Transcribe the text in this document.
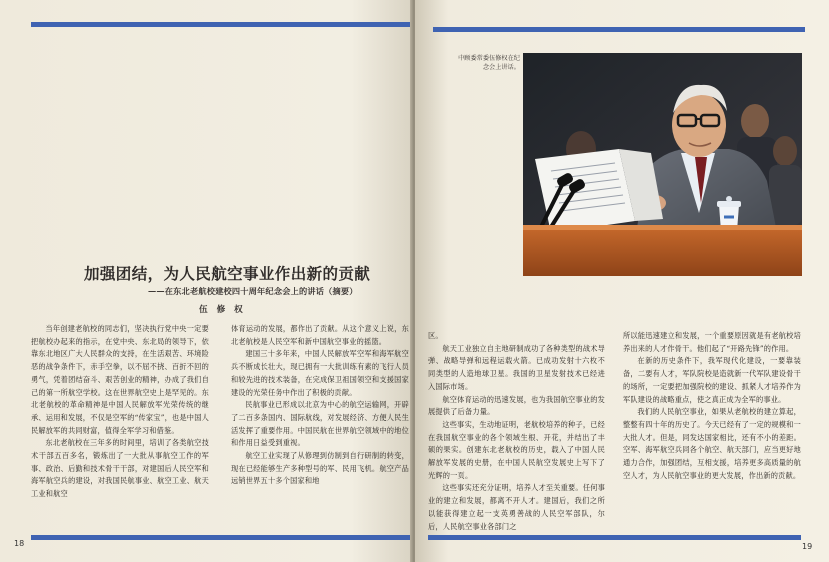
加强团结，为人民航空事业作出新的贡献
——在东北老航校建校四十周年纪念会上的讲话（摘要）
伍 修 权

当年创建老航校的同志们，坚决执行党中央一定要把航校办起来的指示，在党中央、东北局的领导下，依靠东北地区广大人民群众的支持，在生活艰苦、环境险恶的战争条件下，赤手空拳，以不屈不挠、百折不回的勇气，凭着团结奋斗、艰苦创业的精神，办成了我们自己的第一所航空学校。这在世界航空史上是罕见的。东北老航校的革命精神是中国人民解放军光荣传统的继承、运用和发展，不仅是空军的“传家宝”，也是中国人民解放军的共同财富，值得全军学习和借鉴。

东北老航校在三年多的时间里，培训了各类航空技术干部五百多名，锻炼出了一大批从事航空工作的军事、政治、后勤和技术骨干干部，对建国后人民空军和海军航空兵的建设，对我国民航事业、航空工业、航天工业和航空

体育运动的发展，都作出了贡献。从这个意义上说，东北老航校是人民空军和新中国航空事业的摇篮。

建国三十多年来，中国人民解放军空军和海军航空兵不断成长壮大，现已拥有一大批训练有素的飞行人员和较先进的技术装备，在完成保卫祖国领空和支援国家建设的光荣任务中作出了积极的贡献。

民航事业已形成以北京为中心的航空运输网，开辟了二百多条国内、国际航线，对发展经济、方便人民生活发挥了重要作用。中国民航在世界航空领域中的地位和作用日益受到重视。

航空工业实现了从修理到仿制到自行研制的转变，现在已经能够生产多种型号的军、民用飞机。航空产品远销世界五十多个国家和地

18
中顾委常委伍修权在纪念会上讲话。

区。

航天工业独立自主地研制成功了各种类型的战术导弹、战略导弹和远程运载火箭。已成功发射十六枚不同类型的人造地球卫星。我国的卫星发射技术已经进入国际市场。

航空体育运动的迅速发展，也为我国航空事业的发展提供了后备力量。

这些事实，生动地证明，老航校培养的种子，已经在我国航空事业的各个领域生根、开花，并结出了丰硕的果实。创建东北老航校的历史，载入了中国人民解放军发展的史册，在中国人民航空发展史上写下了光辉的一页。

这些事实还充分证明，培养人才至关重要。任何事业的建立和发展，都离不开人才。建国后，我们之所以能获得建立起一支英勇善战的人民空军部队，尔后，人民航空事业各部门之

所以能迅速建立和发展，一个重要原因就是有老航校培养出来的人才作骨干。他们起了“开路先锋”的作用。

在新的历史条件下，我军现代化建设，一要靠装备，二要有人才，军队院校是造就新一代军队建设骨干的场所，一定要把加强院校的建设、抓紧人才培养作为军队建设的战略重点，使之真正成为全军的事业。

我们的人民航空事业，如果从老航校的建立算起，整整有四十年的历史了。今天已经有了一定的规模和一大批人才。但是，同发达国家相比，还有不小的差距。空军、海军航空兵同各个航空、航天部门，应当更好地通力合作，加强团结，互相支援，培养更多高质量的航空人才，为人民航空事业的更大发展，作出新的贡献。

19
